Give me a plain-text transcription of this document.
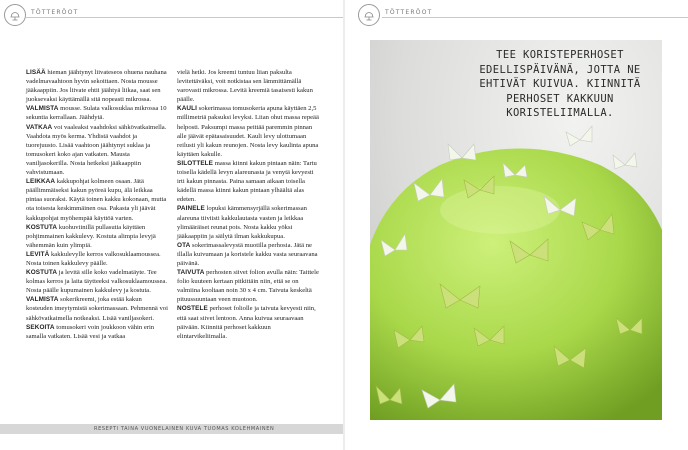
TÖTTERÖOT

LISÄÄ hieman jäähtynyt liivateseos ohuena nauhana vadelmavaahtoon hyvin sekoittaen. Nosta mousse jääkaappiin. Jos liivate ehtii jäähtyä liikaa, saat sen juoksevaksi käyttämällä sitä nopeasti mikrossa.

VALMISTA mousse. Sulata valkosuklaa mikrossa 10 sekuntia kerrallaan. Jäähdytä.

VATKAA voi vaaleaksi vaahdoksi sähkövatkaimella. Vaahdota myös kerma. Yhdistä vaahdot ja tuorejuusto. Lisää vaahtoon jäähtynyt suklaa ja tomusokeri koko ajan vatkaten. Mausta vaniljasokerilla. Nosta hetkeksi jääkaappiin vahvistumaan.

LEIKKAA kakkupohjat kolmeen osaan. Jätä päällimmäiseksi kakun pyöreä kupu, älä leikkaa pintaa suoraksi. Käytä toinen kakku kokonaan, mutta ota toisesta keskimmäinen osa. Pakasta yli jäävät kakkupohjat myöhempää käyttöä varten.

KOSTUTA kuohuviinillä pullasutia käyttäen pohjimmainen kakkulevy. Kostuta alimpia levyjä vähemmän kuin ylimpiä.

LEVITÄ kakkulevylle kerros valkosuklaamoussea. Nosta toinen kakkulevy päälle.

KOSTUTA ja levitä sille koko vadelmatäyte. Tee kolmas kerros ja laita täytteeksi valkosuklaamoussea. Nosta päälle kupumainen kakkulevy ja kostuta.

VALMISTA sokerikreemi, joka estää kakun kosteuden imeytymistä sokerimassaan. Pehmennä voi sähkövatkaimella notkeaksi. Lisää vaniljasokeri.

SEKOITA tomusokeri voin joukkoon vähin erin samalla vatkaten. Lisää vesi ja vatkaa

vielä hetki. Jos kreemi tuntuu liian paksulta levitettäväksi, voit notkistaa sen lämmittämällä varovasti mikrossa. Levitä kreemiä tasaisesti kakun päälle.

KAULI sokerimassa tomusokeria apuna käyttäen 2,5 millimetriä paksuksi levyksi. Liian ohut massa repeää helposti. Paksumpi massa peittää paremmin pinnan alle jäävät epätasaisuudet. Kauli levy ulottumaan reilusti yli kakun reunojen. Nosta levy kaulinta apuna käyttäen kakulle.

SILOTTELE massa kiinni kakun pintaan näin: Tartu toisella kädellä levyn alareunasta ja venytä kevyesti irti kakun pinnasta. Paina samaan aikaan toisella kädellä massa kiinni kakun pintaan ylhäältä alas edeten.

PAINELE lopuksi kämmensyrjällä sokerimassan alareuna tiiviisti kakkulautasta vasten ja leikkaa ylimääräiset reunat pois. Nosta kakku yöksi jääkaappiin ja säilytä ilman kakkukupua.

OTA sokerimassalevystä muotilla perhosia. Jätä ne illalla kuivumaan ja koristele kakku vasta seuraavana päivänä.

TAIVUTA perhosten siivet folion avulla näin: Taittele folio kuuteen kertaan pitkittäin niin, että se on valmiina kooltaan noin 30 x 4 cm. Taivuta keskeltä pituussuuntaan veen muotoon.

NOSTELE perhoset foliolle ja taivuta kevyesti niin, että saat siivet lentoon. Anna kuivua seuraavaan päivään. Kiinnitä perhoset kakkuun elintarvikeliimalla.

RESEPTI TAINA VUONELAINEN KUVA TUOMAS KOLEHMAINEN
TÖTTERÖOT
TEE KORISTEPERHOSET
EDELLISPÄIVÄNÄ, JOTTA NE
EHTIVÄT KUIVUA. KIINNITÄ
PERHOSET KAKKUUN
KORISTELIIMALLA.
